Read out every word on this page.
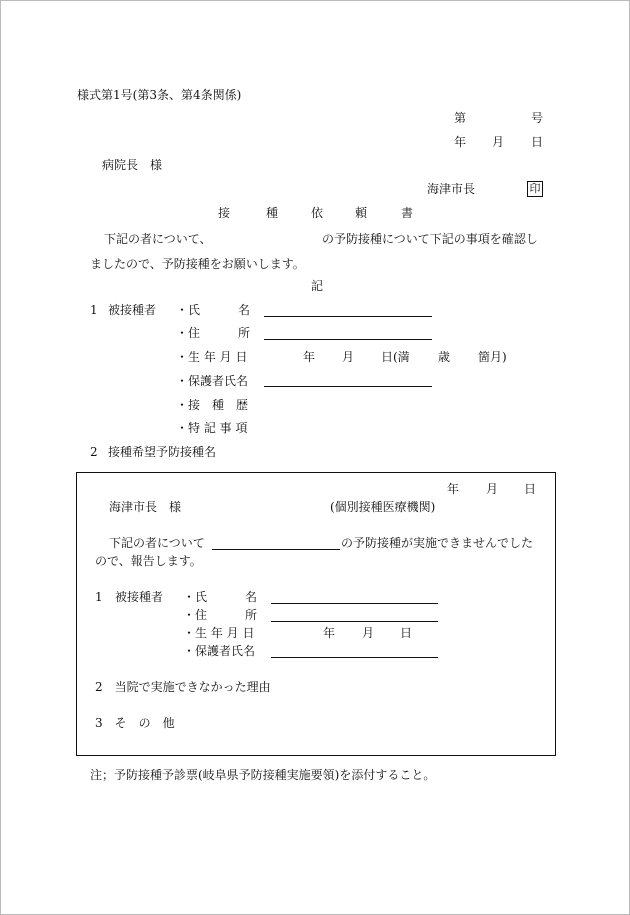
様式第1号(第3条、第4条関係)
第	号
年 月 日
病院長　様
海津市長	印
接	種	依	頼	書
下記の者について、	の予防接種について下記の事項を確認し
ましたので、予防接種をお願いします。
記
1 被接種者 ・氏	名
・住	所
・生 年 月 日	年 月 日(満 歳 箇月)
・保護者氏名
・接　種　歴
・特 記 事 項
2 接種希望予防接種名
年 月 日
海津市長　様	(個別接種医療機関)
下記の者について	の予防接種が実施できませんでした
ので、報告します。
1 被接種者 ・氏	名
・住	所
・生 年 月 日	年 月 日
・保護者氏名
2　当院で実施できなかった理由
3　そ　の　他
注；予防接種予診票(岐阜県予防接種実施要領)を添付すること。
